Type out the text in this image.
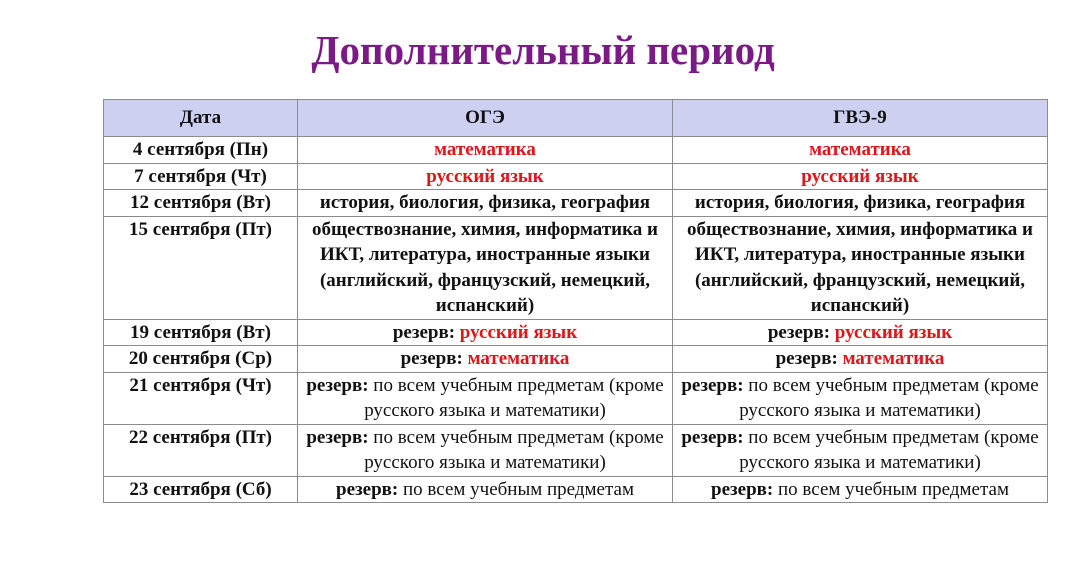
Дополнительный период
Дата	ОГЭ	ГВЭ-9
4 сентября (Пн)	математика	математика
7 сентября (Чт)	русский язык	русский язык
12 сентября (Вт)	история, биология, физика, география	история, биология, физика, география
15 сентября (Пт)	обществознание, химия, информатика и ИКТ, литература, иностранные языки (английский, французский, немецкий, испанский)	обществознание, химия, информатика и ИКТ, литература, иностранные языки (английский, французский, немецкий, испанский)
19 сентября (Вт)	резерв: русский язык	резерв: русский язык
20 сентября (Ср)	резерв: математика	резерв: математика
21 сентября (Чт)	резерв: по всем учебным предметам (кроме русского языка и математики)	резерв: по всем учебным предметам (кроме русского языка и математики)
22 сентября (Пт)	резерв: по всем учебным предметам (кроме русского языка и математики)	резерв: по всем учебным предметам (кроме русского языка и математики)
23 сентября (Сб)	резерв: по всем учебным предметам	резерв: по всем учебным предметам
